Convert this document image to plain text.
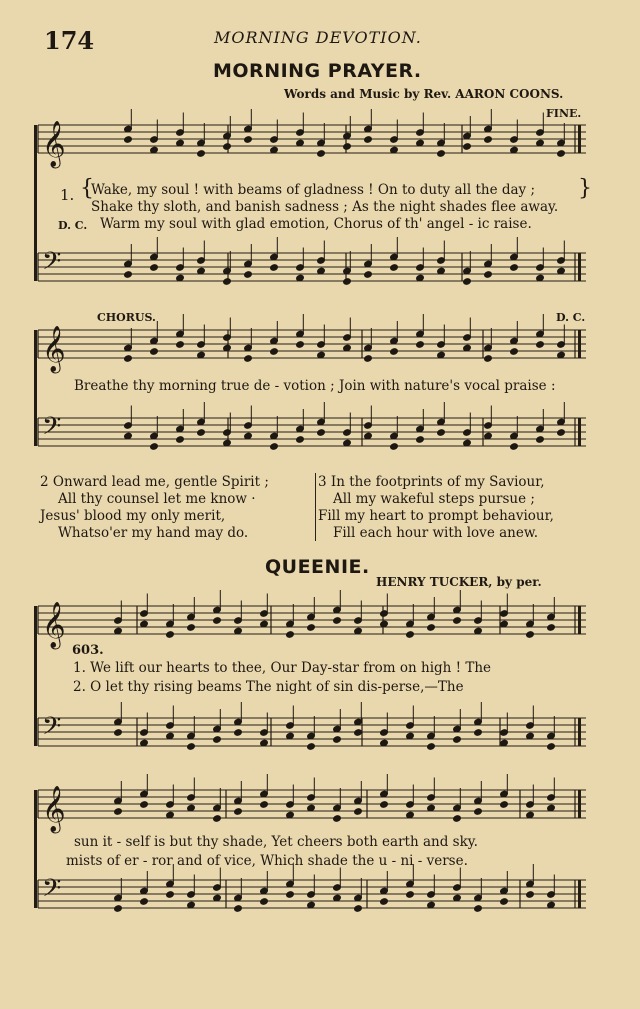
𝄞
𝄢
𝄞
𝄢
𝄞
𝄢
𝄞
𝄢
174	MORNING DEVOTION.
MORNING PRAYER.
Words and Music by Rev. AARON COONS.
FINE.
1. {
Wake, my soul ! with beams of gladness ! On to duty all the day ;
Shake thy sloth, and banish sadness ; As the night shades flee away.
}
D. C. Warm my soul with glad emotion, Chorus of th' angel - ic raise.
CHORUS.	D. C.
Breathe thy morning true de - votion ; Join with nature's vocal praise :
2 Onward lead me, gentle Spirit ;
All thy counsel let me know ·
Jesus' blood my only merit,
Whatso'er my hand may do.
3 In the footprints of my Saviour,
All my wakeful steps pursue ;
Fill my heart to prompt behaviour,
Fill each hour with love anew.
QUEENIE.
HENRY TUCKER, by per.
603.
1. We lift our hearts to thee, Our Day-star from on high ! The
2. O let thy rising beams The night of sin dis-perse,—The
sun it - self is but thy shade, Yet cheers both earth and sky.
mists of er - ror and of vice, Which shade the u - ni - verse.
